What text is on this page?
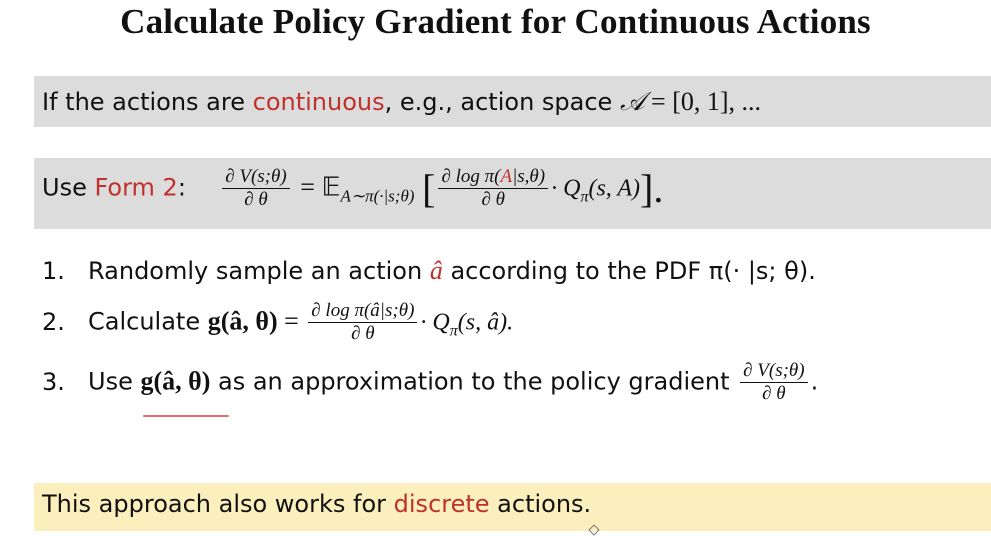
Calculate Policy Gradient for Continuous Actions
If the actions are continuous, e.g., action space 𝒜 = [0, 1], ...
Use Form 2: $\frac{\partial V(s;\theta)}{\partial \theta}$ = 𝔼$_{A\sim\pi(\cdot|s;\theta)}$ [ $\frac{\text{∂ log π(A|s,θ)}}{\partial \theta} \cdot Q_\pi(s$, A)].
1. Randomly sample an action â according to the PDF π(· |s; θ).
2. Calculate g(â, $\theta) = \frac{\text{∂ log π(â|s;θ)}}{\partial \theta} \cdot Q_\pi(s$, â).
3. Use g(â, θ) as an approximation to the policy gradient $\frac{\partial V(s;\theta)}{\partial \theta}$ .
This approach also works for discrete actions.
